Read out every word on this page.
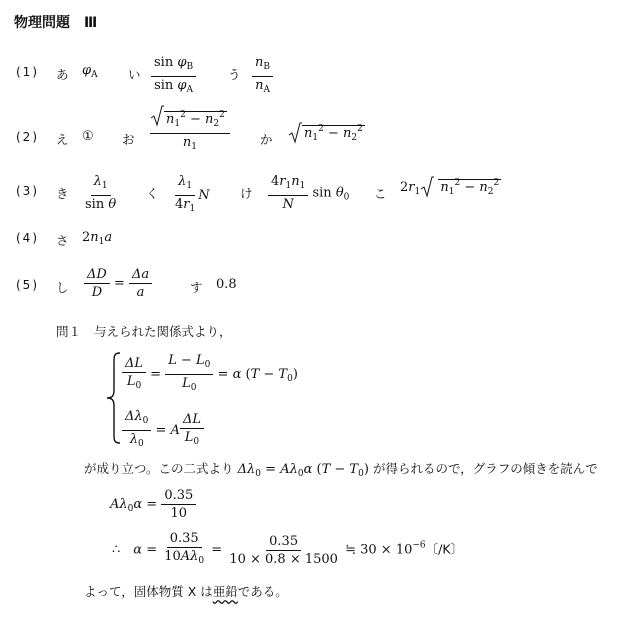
物理問題　Ⅲ
(1) あ $\varphi_A$ い $\frac{\sin \varphi_B}{\sin \varphi_A}$	う $\frac{n_B}{n_A}$
(2) え ① お $\frac{n_1^2 - n_2^2}{n_1}$ か	$n_1^2 - n_2^2$
(3) き $\frac{\lambda_1}{\text{sin θ}}$ く $\frac{\lambda_1}{4r_1}$ N け $\frac{4r_1n_1}{N}$ $\sin \theta_0$ こ $2r_1$ $n_1^2 - n_2^2$
(4) さ $2n_1a$
(5) し $\frac{\Delta D}{D} = \frac{\Delta a}{a}$	す 0.8
問１ 与えられた関係式より，
$\frac{\Delta L}{L_0} = \frac{L - L_0}{L_0} = \alpha$ $(T - T_0)$
$\frac{\Delta\lambda_0}{\lambda_0} = A \frac{\Delta L}{L_0}$
が成り立つ。この二式より $\Delta\lambda_0 = A\lambda_0\alpha$ $(T - T_0)$ が得られるので，グラフの傾きを読んで
$A\lambda_0\alpha = \frac{0.35}{10}$
∴　$\alpha = \frac{0.35}{10A\lambda_0} = \frac{0.35}{10 \times 0.8 \times 1500}$ ≒ $30 \times 10^{-6}$〔/K〕
よって，固体物質 X は亜鉛である。
